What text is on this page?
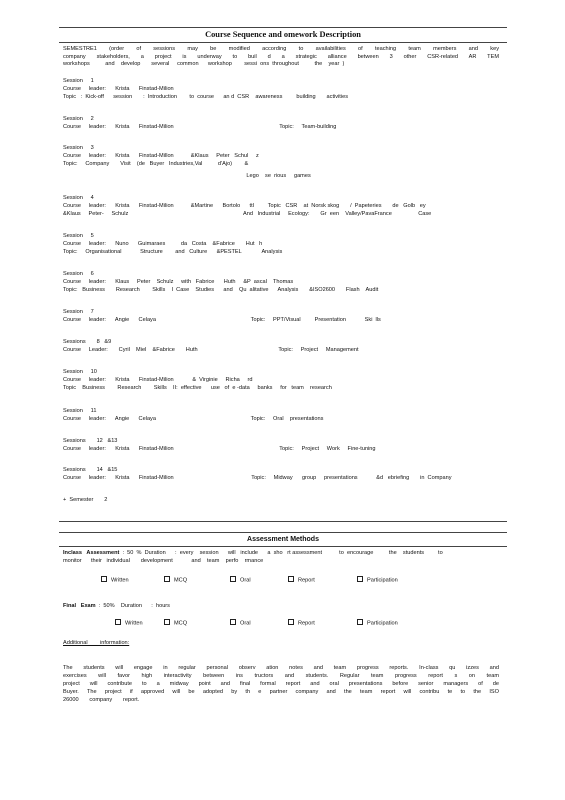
Course Sequence and omework Description
SEMESTRE1 (order of sessions may be modified according to availabilities of teaching team members and key
company stakeholders, a project is underway to buil d a strategic alliance between 3 other CSR-related AR TEM
workshops          and    develop       several     common      workshop        sessi  ons  throughout          the    year  )
Session     1
Course     leader:      Krista      Finstad-Milion
Topic   :  Kick-off      session       :  Introduction        to  course      an d  CSR    awareness         building       activities
Session     2
Course     leader:      Krista      Finstad-Milion                                                                    Topic:     Team-building
Session     3
Course     leader:      Krista      Finstad-Millon           &Klaus     Peter   Schul     z
Topic:     Company       Visit    (de   Buyer   Industries,Val          d'Ajo)        &
Lego    se  rious     games
Session     4
Course     leader:      Krista      Finstad-Milion           &Martine      Bortolo      ttl         Topic   CSR    at  Norsk skog       /  Papeteries       de   Golb   ey
&Klaus     Peter-     Schulz                                                                          And   Industrial     Ecology:       Gr  een    Valley/PavaFrance                 Case
Session     5
Course     leader:      Nuno      Guimaraes          da   Costa    &Fabrice       Hut   h
Topic:     Organisational            Structure        and   Culture      &PESTEL             Analysis
Session     6
Course     leader:      Klaus     Peter    Schulz     with   Fabrice      Huth     &P  ascal    Thomas
Topic:   Business       Research        Skills    I  Case    Studies      and    Qu  alitative      Analysis       &ISO2600       Flash    Audit
Session     7
Course     leader:      Angie      Celaya                                                             Topic:     PPT/Visual         Presentation            Ski  lls
Sessions       8   &9
Course     Leader:       Cyril    Miel    &Fabrice       Huth                                                    Topic:     Project     Management
Session     10
Course     leader:      Krista      Finstad-Milion            &  Virginie     Richa     rd
Topic    Business        Research        Skills    II:  effective      use   of  e -data     banks     for   team    research
Session     11
Course     leader:      Angie      Celaya                                                             Topic:     Oral    presentations
Sessions       12   &13
Course     leader:      Krista      Finstad-Milion                                                                    Topic:     Project     Work     Fine-tuning
Sessions       14   &15
Course     leader:      Krista      Finstad-Milion                                                  Topic:     Midway      group     presentations            &d   ebriefing       in  Company
+  Semester       2
Assessment Methods
Inclass   Assessment  :  50  %  Duration      :  every    session      will   include      a  sho   rt assessment           to  encourage          the    students         to
monitor      their   individual       development            and    team    perfo    rmance
Written	MCQ	Oral	Report	Participation
Final   Exam  :  50%    Duration      :  hours
Written	MCQ	Oral	Report	Participation
Additional        information:
The students will engage in regular personal observ ation notes and team progress reports. In-class qu izzes and
exercises will favor high interactivity between ins tructors and students. Regular team progress report s on team
project will contribute to a midway point and final formal report and oral presentations before senior managers of de
Buyer. The project if approved will be adopted by th e partner company and the team report will contribu te to the ISO
26000       company       report.
